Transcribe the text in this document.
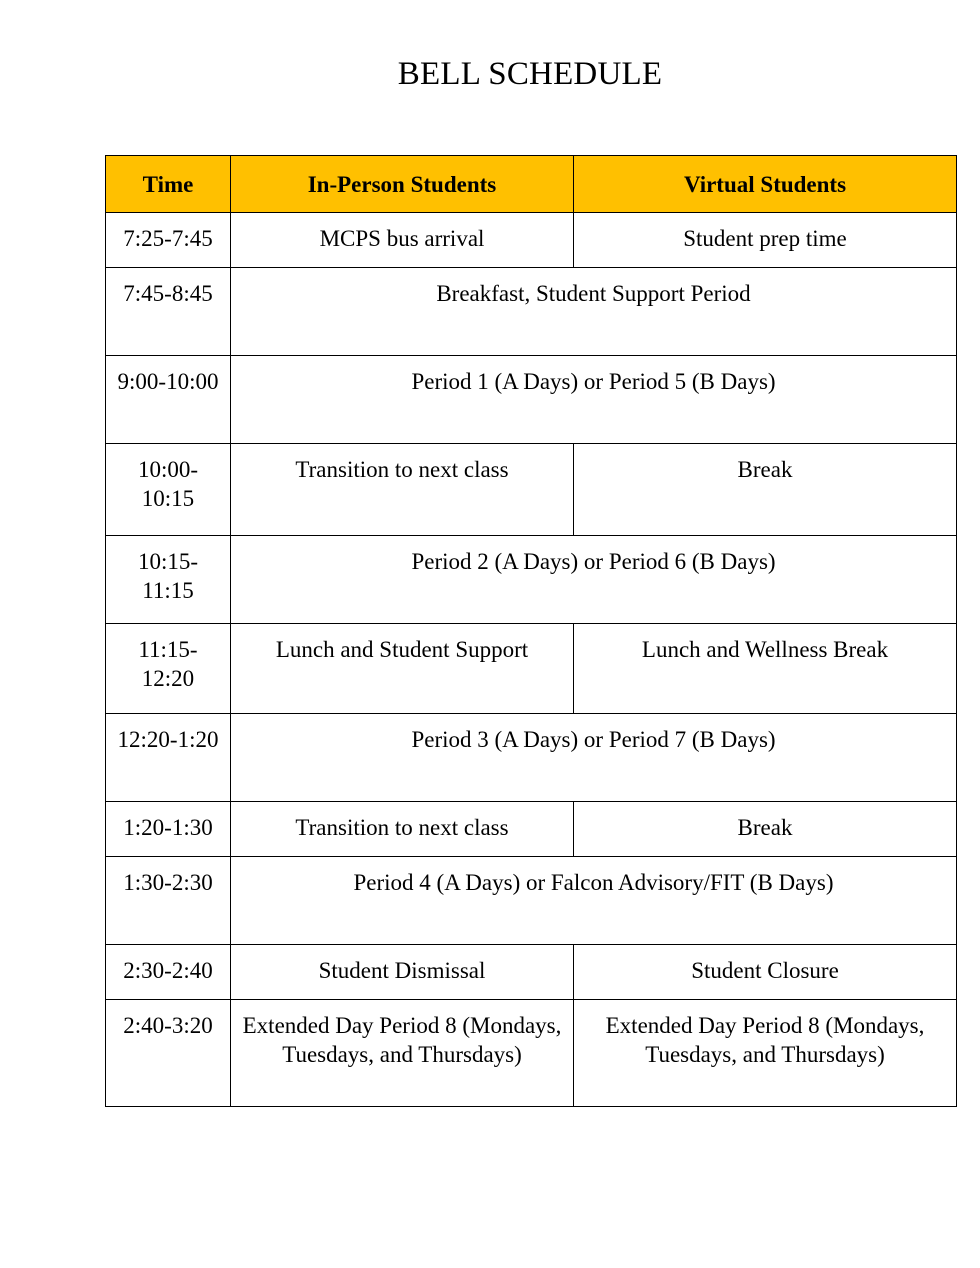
BELL SCHEDULE
Time	In-Person Students	Virtual Students
7:25-7:45	MCPS bus arrival	Student prep time
7:45-8:45	Breakfast, Student Support Period	
9:00-10:00	Period 1 (A Days) or Period 5 (B Days)	
10:00-10:15	Transition to next class	Break
10:15-11:15	Period 2 (A Days) or Period 6 (B Days)	
11:15-12:20	Lunch and Student Support	Lunch and Wellness Break
12:20-1:20	Period 3 (A Days) or Period 7 (B Days)	
1:20-1:30	Transition to next class	Break
1:30-2:30	Period 4 (A Days) or Falcon Advisory/FIT (B Days)	
2:30-2:40	Student Dismissal	Student Closure
2:40-3:20	Extended Day Period 8 (Mondays, Tuesdays, and Thursdays)	Extended Day Period 8 (Mondays, Tuesdays, and Thursdays)
